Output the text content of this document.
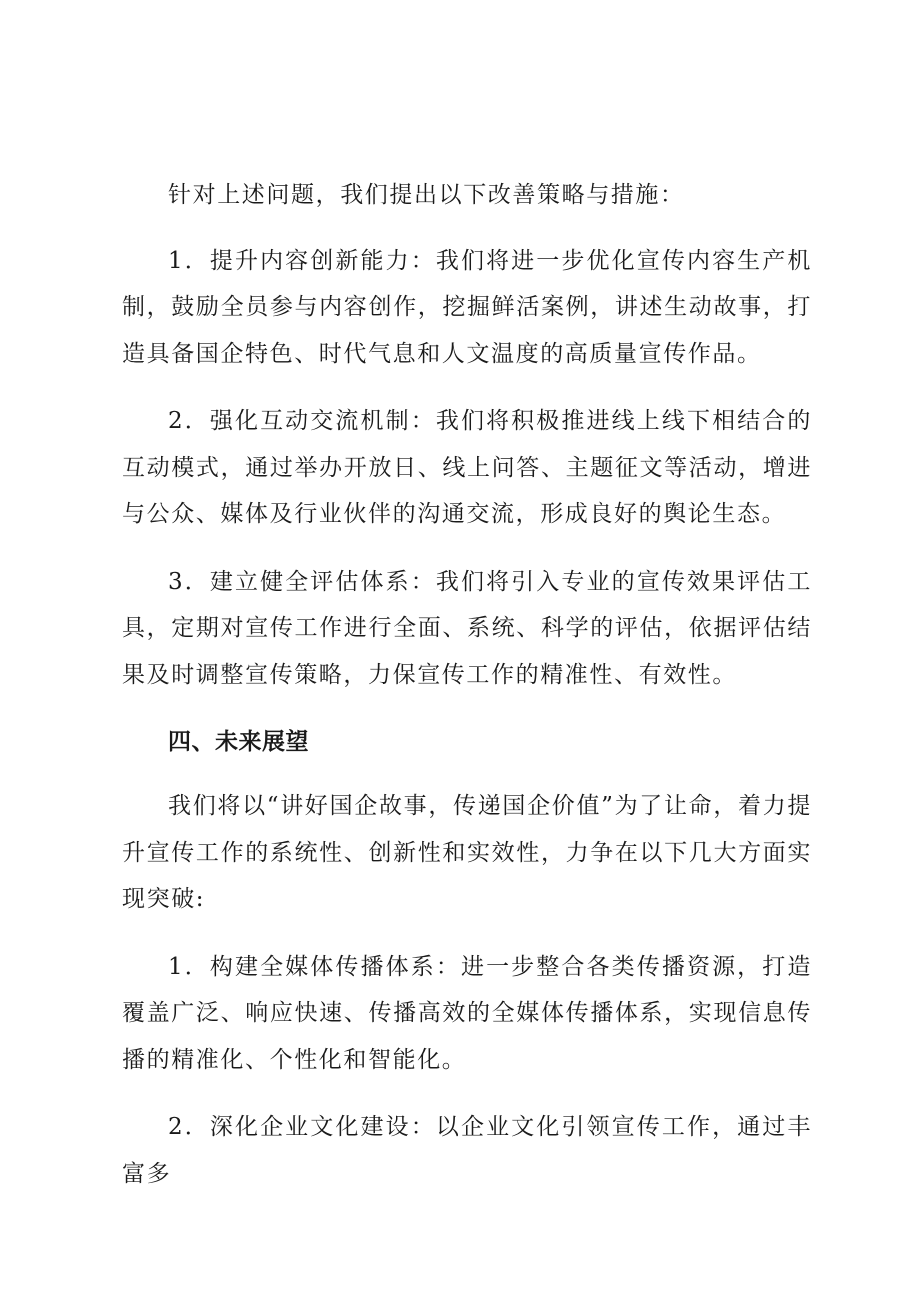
针对上述问题，我们提出以下改善策略与措施：

1．提升内容创新能力：我们将进一步优化宣传内容生产机制，鼓励全员参与内容创作，挖掘鲜活案例，讲述生动故事，打造具备国企特色、时代气息和人文温度的高质量宣传作品。

2．强化互动交流机制：我们将积极推进线上线下相结合的互动模式，通过举办开放日、线上问答、主题征文等活动，增进与公众、媒体及行业伙伴的沟通交流，形成良好的舆论生态。

3．建立健全评估体系：我们将引入专业的宣传效果评估工具，定期对宣传工作进行全面、系统、科学的评估，依据评估结果及时调整宣传策略，力保宣传工作的精准性、有效性。

四、未来展望

我们将以“讲好国企故事，传递国企价值”为了让命，着力提升宣传工作的系统性、创新性和实效性，力争在以下几大方面实现突破:

1．构建全媒体传播体系：进一步整合各类传播资源，打造覆盖广泛、响应快速、传播高效的全媒体传播体系，实现信息传播的精准化、个性化和智能化。

2．深化企业文化建设：以企业文化引领宣传工作，通过丰富多
